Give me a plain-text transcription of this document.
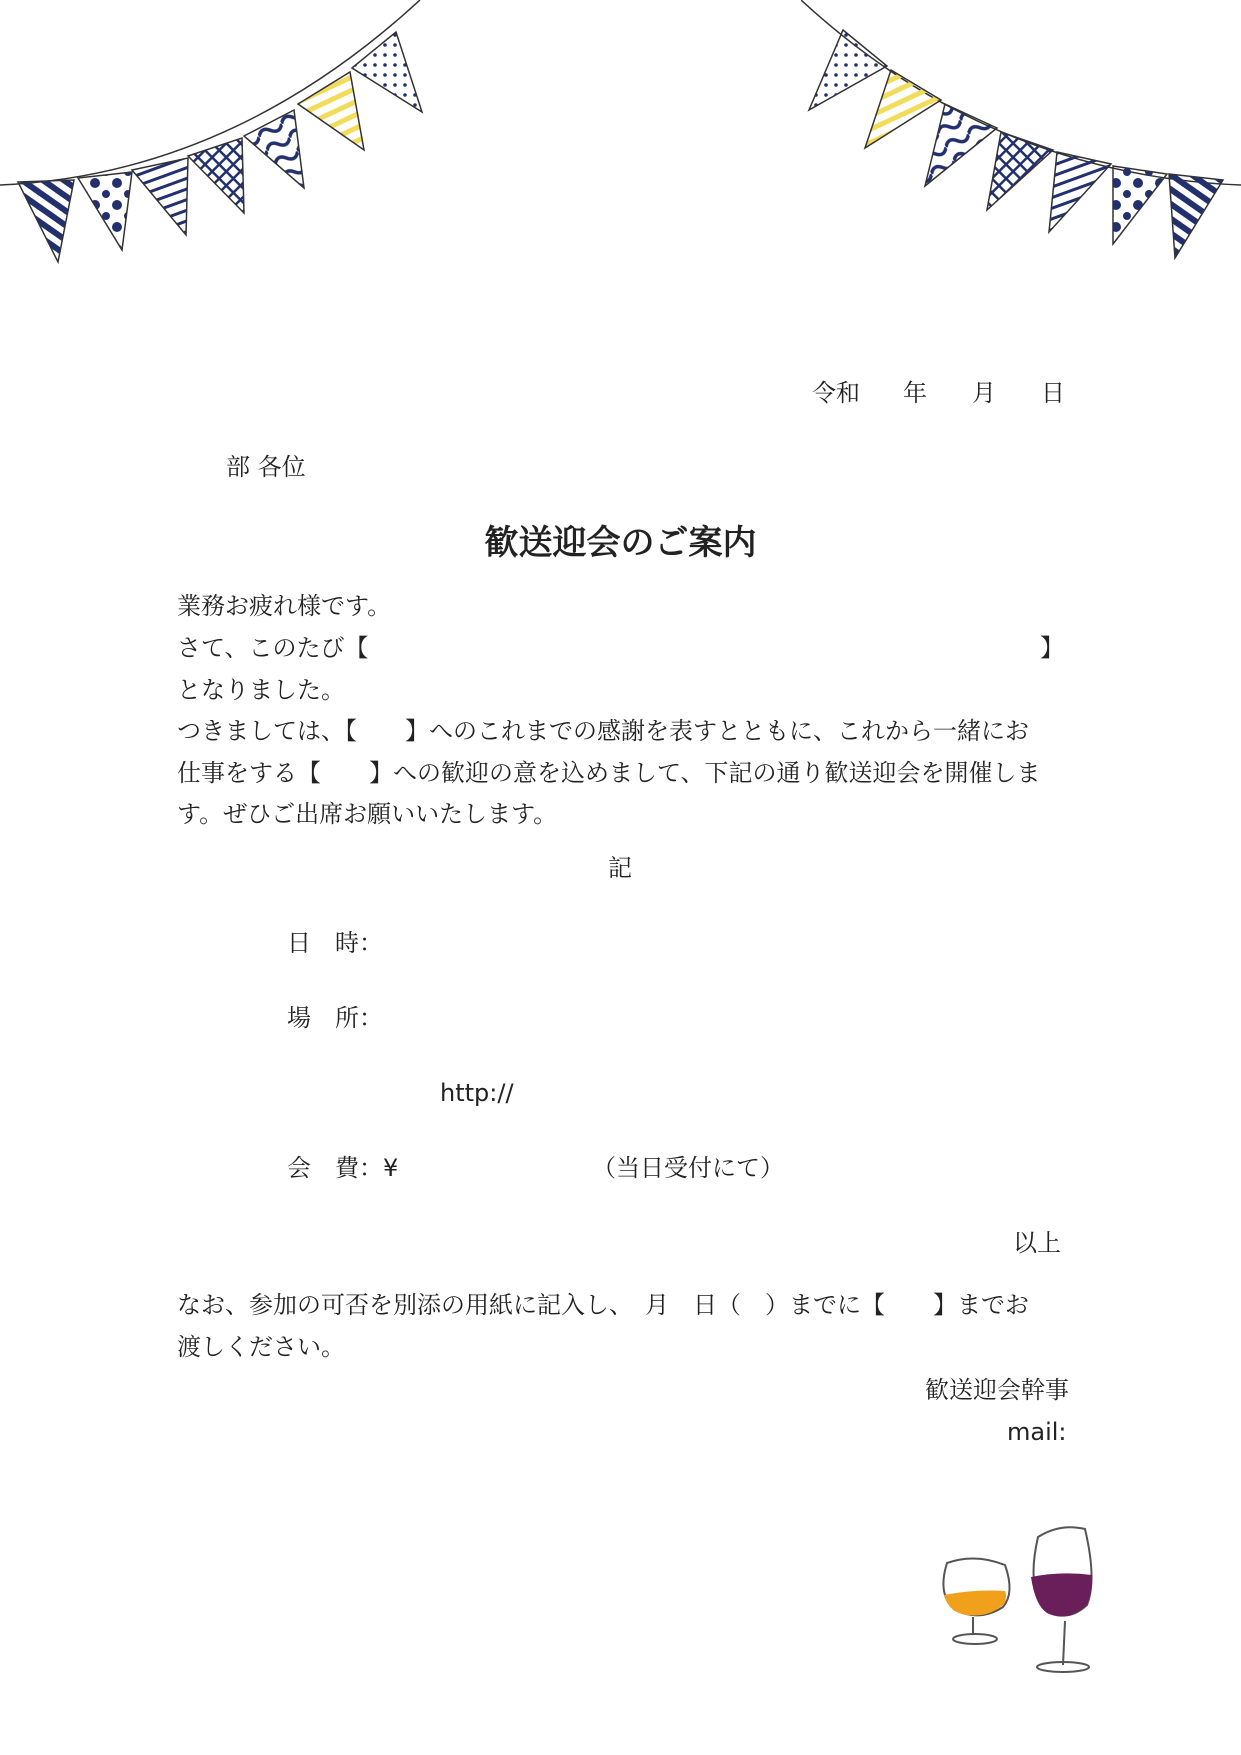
令和 年 月 日
部 各位
歓送迎会のご案内
業務お疲れ様です。
さて、このたび【	】
となりました。
つきましては、【　　】へのこれまでの感謝を表すとともに、これから一緒にお
仕事をする【　　】への歓迎の意を込めまして、下記の通り歓送迎会を開催しま
す。ぜひご出席お願いいたします。
記
日　時：
場　所：
http://
会　費：¥	（当日受付にて）
以上
なお、参加の可否を別添の用紙に記入し、　月　日（　）までに【　　】までお
渡しください。
歓送迎会幹事
mail:
